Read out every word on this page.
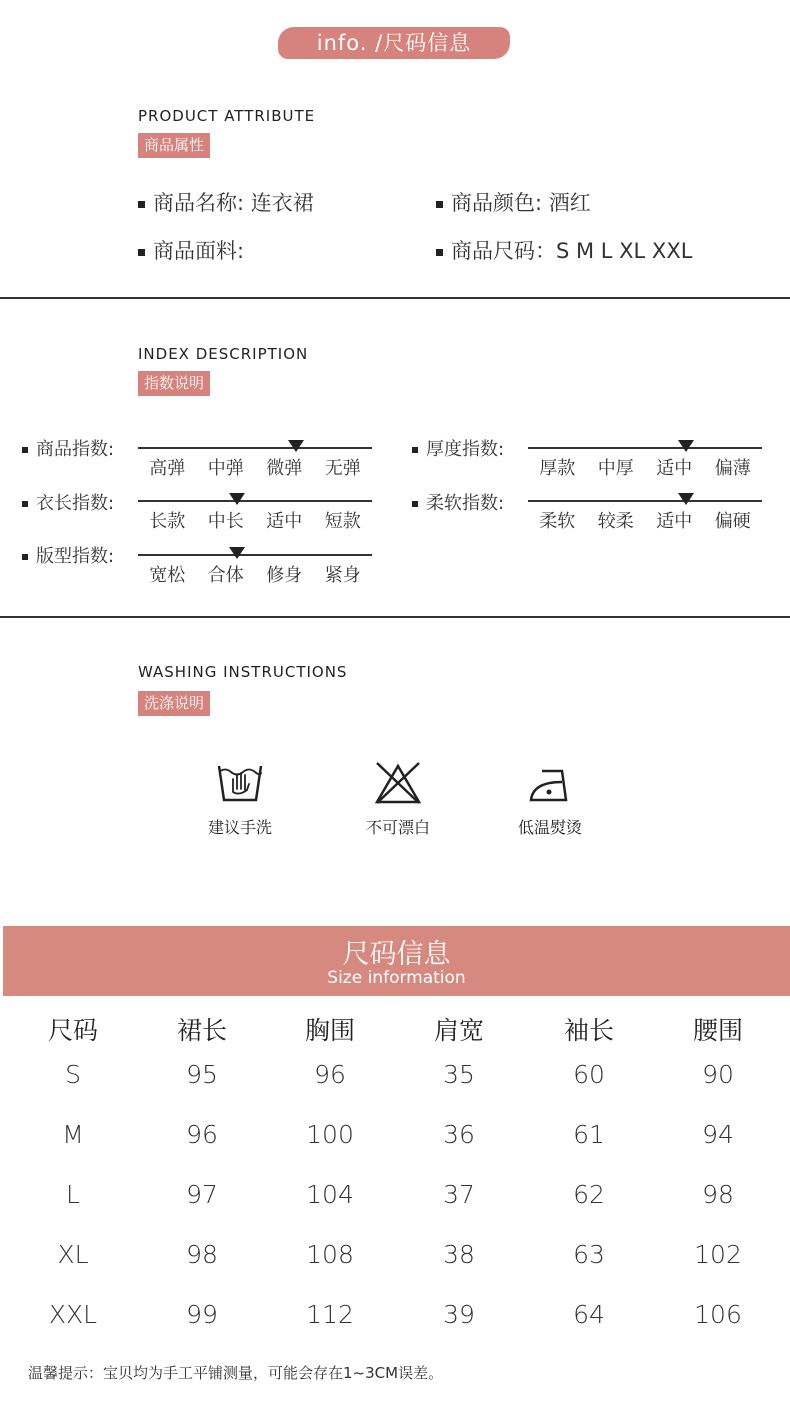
info. /尺码信息
PRODUCT ATTRIBUTE
商品属性
商品名称: 连衣裙	商品颜色: 酒红
商品面料:	商品尺码：S M L XL XXL
INDEX DESCRIPTION
指数说明
商品指数:
高弹	中弹	微弹	无弹
厚度指数:
厚款	中厚	适中	偏薄
衣长指数:
长款	中长	适中	短款
柔软指数:
柔软	较柔	适中	偏硬
版型指数:
宽松	合体	修身	紧身
WASHING INSTRUCTIONS
洗涤说明
建议手洗	不可漂白	低温熨烫
尺码信息
Size information
尺码	裙长	胸围	肩宽	袖长	腰围
S	95	96	35	60	90
M	96	100	36	61	94
L	97	104	37	62	98
XL	98	108	38	63	102
XXL	99	112	39	64	106
温馨提示：宝贝均为手工平铺测量，可能会存在1~3CM误差。
